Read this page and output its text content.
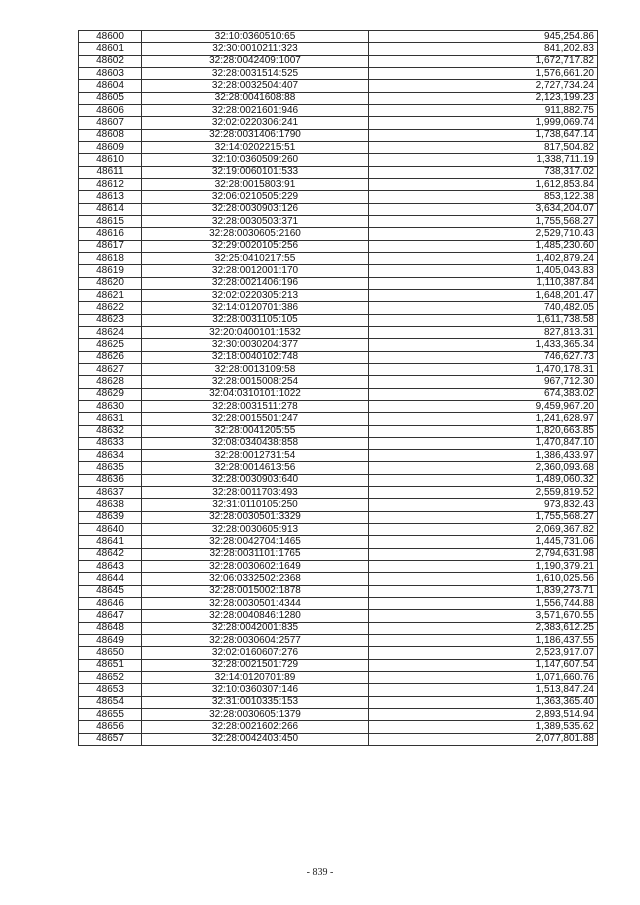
48600	32:10:0360510:65	945,254.86
48601	32:30:0010211:323	841,202.83
48602	32:28:0042409:1007	1,672,717.82
48603	32:28:0031514:525	1,576,661.20
48604	32:28:0032504:407	2,727,734.24
48605	32:28:0041608:88	2,123,199.23
48606	32:28:0021601:946	911,882.75
48607	32:02:0220306:241	1,999,069.74
48608	32:28:0031406:1790	1,738,647.14
48609	32:14:0202215:51	817,504.82
48610	32:10:0360509:260	1,338,711.19
48611	32:19:0060101:533	738,317.02
48612	32:28:0015803:91	1,612,853.84
48613	32:06:0210505:229	853,122.38
48614	32:28:0030903:126	3,634,204.07
48615	32:28:0030503:371	1,755,568.27
48616	32:28:0030605:2160	2,529,710.43
48617	32:29:0020105:256	1,485,230.60
48618	32:25:0410217:55	1,402,879.24
48619	32:28:0012001:170	1,405,043.83
48620	32:28:0021406:196	1,110,387.84
48621	32:02:0220305:213	1,648,201.47
48622	32:14:0120701:386	740,482.05
48623	32:28:0031105:105	1,611,738.58
48624	32:20:0400101:1532	827,813.31
48625	32:30:0030204:377	1,433,365.34
48626	32:18:0040102:748	746,627.73
48627	32:28:0013109:58	1,470,178.31
48628	32:28:0015008:254	967,712.30
48629	32:04:0310101:1022	674,383.02
48630	32:28:0031511:278	9,459,967.20
48631	32:28:0015501:247	1,241,628.97
48632	32:28:0041205:55	1,820,663.85
48633	32:08:0340438:858	1,470,847.10
48634	32:28:0012731:54	1,386,433.97
48635	32:28:0014613:56	2,360,093.68
48636	32:28:0030903:640	1,489,060.32
48637	32:28:0011703:493	2,559,819.52
48638	32:31:0110105:250	973,832.43
48639	32:28:0030501:3329	1,755,568.27
48640	32:28:0030605:913	2,069,367.82
48641	32:28:0042704:1465	1,445,731.06
48642	32:28:0031101:1765	2,794,631.98
48643	32:28:0030602:1649	1,190,379.21
48644	32:06:0332502:2368	1,610,025.56
48645	32:28:0015002:1878	1,839,273.71
48646	32:28:0030501:4344	1,556,744.88
48647	32:28:0040846:1280	3,571,670.55
48648	32:28:0042001:835	2,383,612.25
48649	32:28:0030604:2577	1,186,437.55
48650	32:02:0160607:276	2,523,917.07
48651	32:28:0021501:729	1,147,607.54
48652	32:14:0120701:89	1,071,660.76
48653	32:10:0360307:146	1,513,847.24
48654	32:31:0010335:153	1,363,365.40
48655	32:28:0030605:1379	2,893,514.94
48656	32:28:0021602:266	1,389,535.62
48657	32:28:0042403:450	2,077,801.88
- 839 -
